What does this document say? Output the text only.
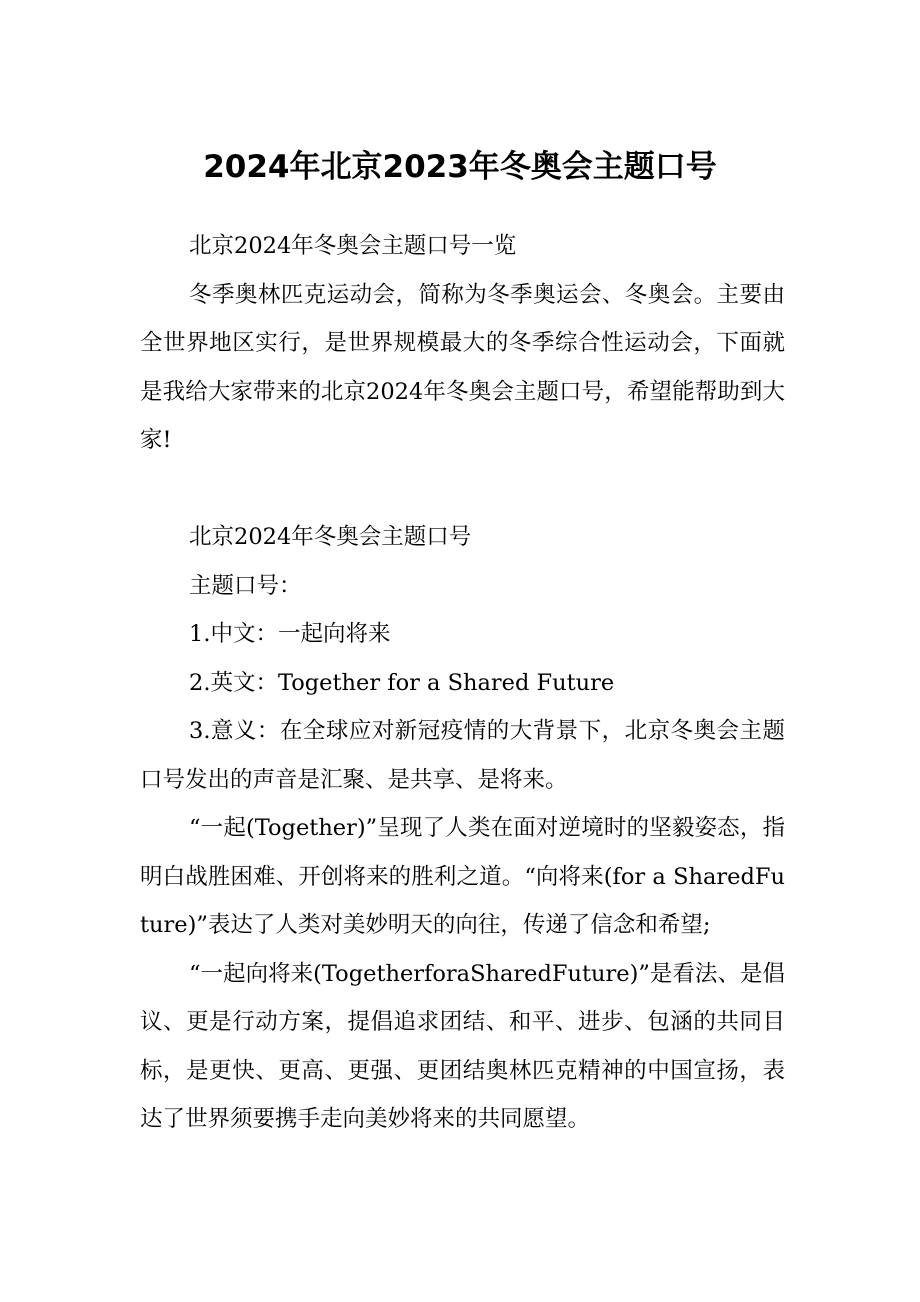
2024年北京2023年冬奥会主题口号

北京2024年冬奥会主题口号一览

冬季奥林匹克运动会，简称为冬季奥运会、冬奥会。主要由全世界地区实行，是世界规模最大的冬季综合性运动会，下面就是我给大家带来的北京2024年冬奥会主题口号，希望能帮助到大家!

北京2024年冬奥会主题口号

主题口号：

1.中文：一起向将来

2.英文：Together for a Shared Future

3.意义：在全球应对新冠疫情的大背景下，北京冬奥会主题口号发出的声音是汇聚、是共享、是将来。

“一起(Together)”呈现了人类在面对逆境时的坚毅姿态，指明白战胜困难、开创将来的胜利之道。“向将来(for a SharedFuture)”表达了人类对美妙明天的向往，传递了信念和希望;

“一起向将来(TogetherforaSharedFuture)”是看法、是倡议、更是行动方案，提倡追求团结、和平、进步、包涵的共同目标，是更快、更高、更强、更团结奥林匹克精神的中国宣扬，表达了世界须要携手走向美妙将来的共同愿望。
